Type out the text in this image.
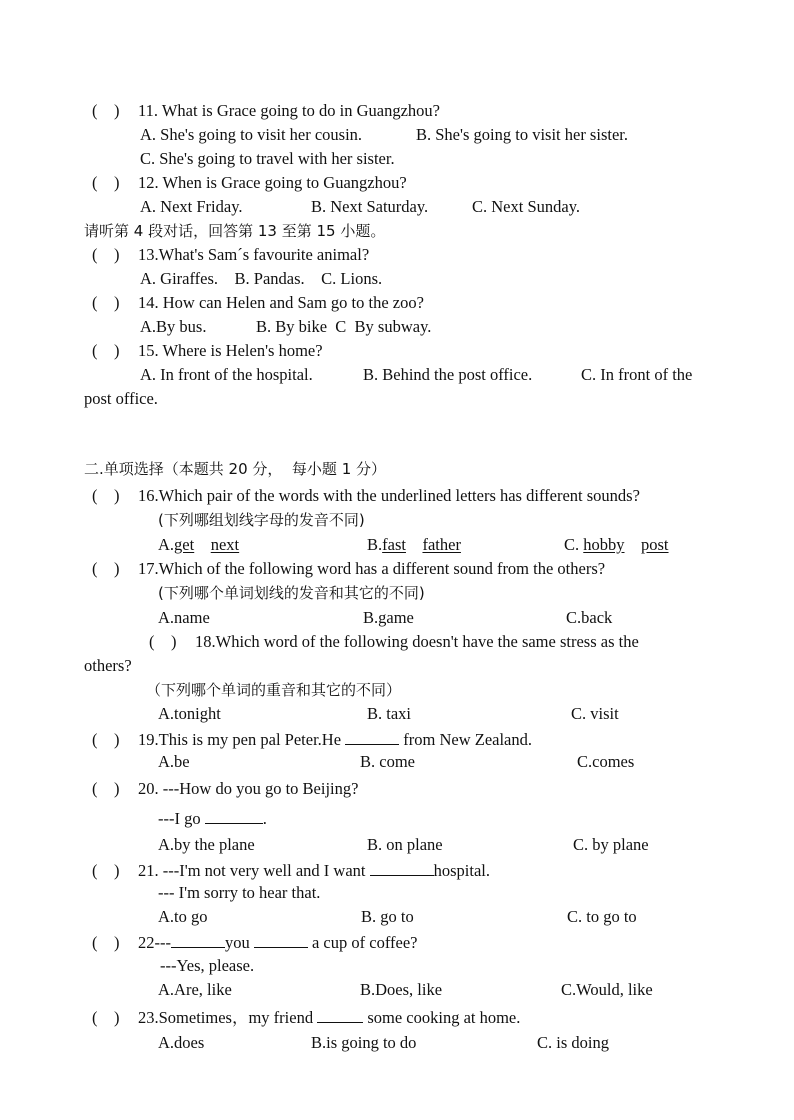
(    )	11. What is Grace going to do in Guangzhou?
A. She's going to visit her cousin.	B. She's going to visit her sister.
C. She's going to travel with her sister.
(    )	12. When is Grace going to Guangzhou?
A. Next Friday.	B. Next Saturday.	C. Next Sunday.
请听第 4 段对话，回答第 13 至第 15 小题。
(    )	13.What's Sam´s favourite animal?
A. Giraffes.    B. Pandas.    C. Lions.
(    )	14. How can Helen and Sam go to the zoo?
A.By bus.	B. By bike  C  By subway.
(    )	15. Where is Helen's home?
A. In front of the hospital.	B. Behind the post office.	C. In front of the
post office.
二.单项选择（本题共 20 分，  每小题 1 分）
(    )	16.Which pair of the words with the underlined letters has different sounds?
(下列哪组划线字母的发音不同)
A.get next	B.fast father	C. hobby post
(    )	17.Which of the following word has a different sound from the others?
(下列哪个单词划线的发音和其它的不同)
A.name	B.game	C.back
(    )	18.Which word of the following doesn't have the same stress as the
others?
（下列哪个单词的重音和其它的不同）
A.tonight	B. taxi	C. visit
(    )	19.This is my pen pal Peter.He	from New Zealand.
A.be	B. come	C.comes
(    )	20. ---How do you go to Beijing?
---I go	.
A.by the plane	B. on plane	C. by plane
(    )	21. ---I'm not very well and I want	hospital.
--- I'm sorry to hear that.
A.to go	B. go to	C. to go to
(    )	22---	you	a cup of coffee?
---Yes, please.
A.Are, like	B.Does, like	C.Would, like
(    )	23.Sometimes，my friend	some cooking at home.
A.does	B.is going to do	C. is doing
